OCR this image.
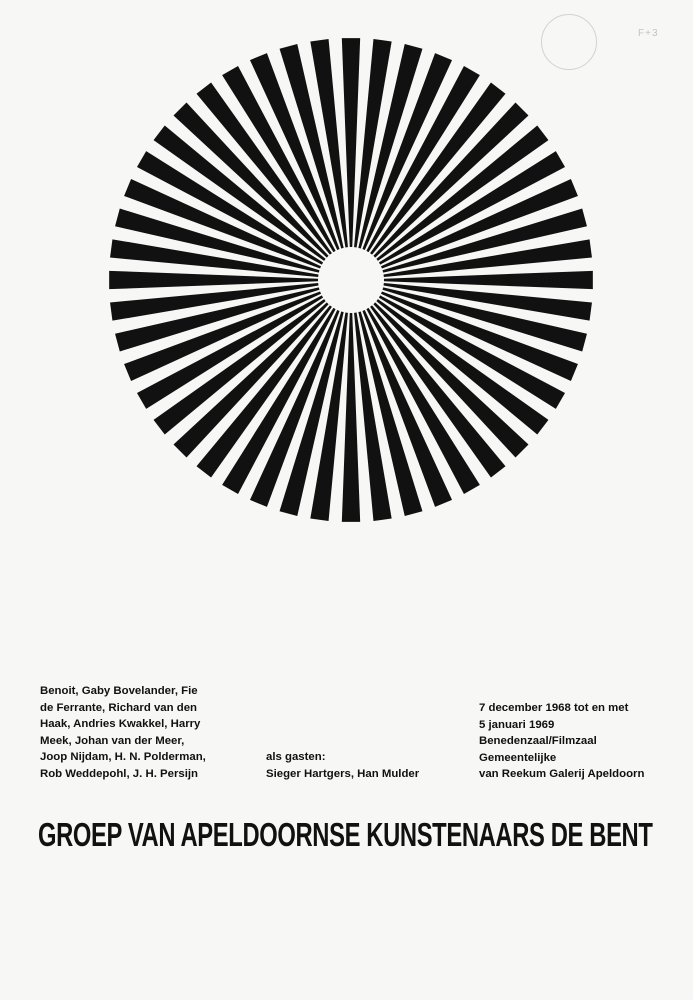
F+3
Benoit, Gaby Bovelander, Fie
de Ferrante, Richard van den
Haak, Andries Kwakkel, Harry
Meek, Johan van der Meer,
Joop Nijdam, H. N. Polderman,
Rob Weddepohl, J. H. Persijn
als gasten:
Sieger Hartgers, Han Mulder
7 december 1968 tot en met
5 januari 1969
Benedenzaal/Filmzaal
Gemeentelijke
van Reekum Galerij Apeldoorn
GROEP VAN APELDOORNSE KUNSTENAARS DE BENT
